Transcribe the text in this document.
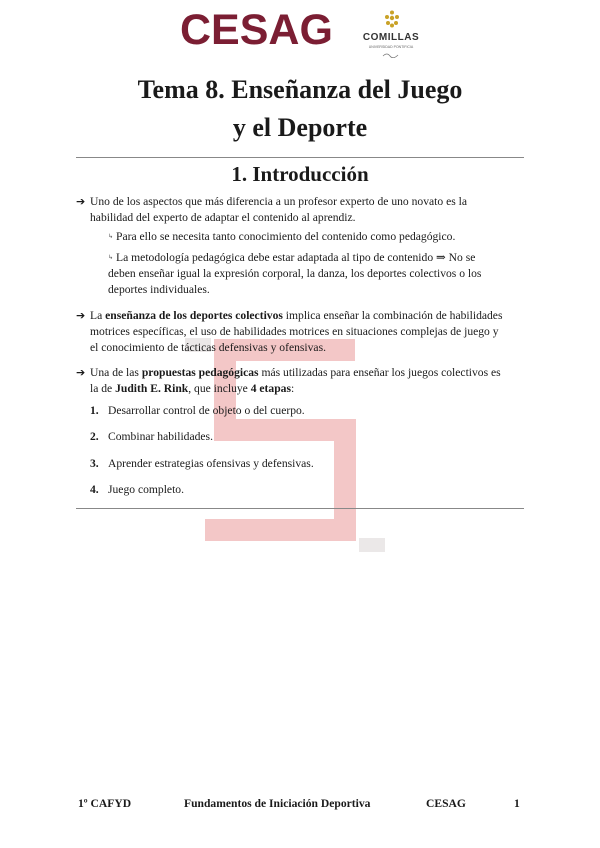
CESAG	COMILLAS
UNIVERSIDAD PONTIFICIA
Tema 8. Enseñanza del Juego
y el Deporte
1. Introducción
➔ Uno de los aspectos que más diferencia a un profesor experto de uno novato es la
habilidad del experto de adaptar el contenido al aprendiz.
↳ Para ello se necesita tanto conocimiento del contenido como pedagógico.
↳ La metodología pedagógica debe estar adaptada al tipo de contenido ⇒ No se
deben enseñar igual la expresión corporal, la danza, los deportes colectivos o los
deportes individuales.
➔ La enseñanza de los deportes colectivos implica enseñar la combinación de habilidades
motrices específicas, el uso de habilidades motrices en situaciones complejas de juego y
el conocimiento de tácticas defensivas y ofensivas.
➔ Una de las propuestas pedagógicas más utilizadas para enseñar los juegos colectivos es
la de Judith E. Rink, que incluye 4 etapas:
1. Desarrollar control de objeto o del cuerpo.
2. Combinar habilidades.
3. Aprender estrategias ofensivas y defensivas.
4. Juego completo.
1º CAFYD	Fundamentos de Iniciación Deportiva	CESAG	1
